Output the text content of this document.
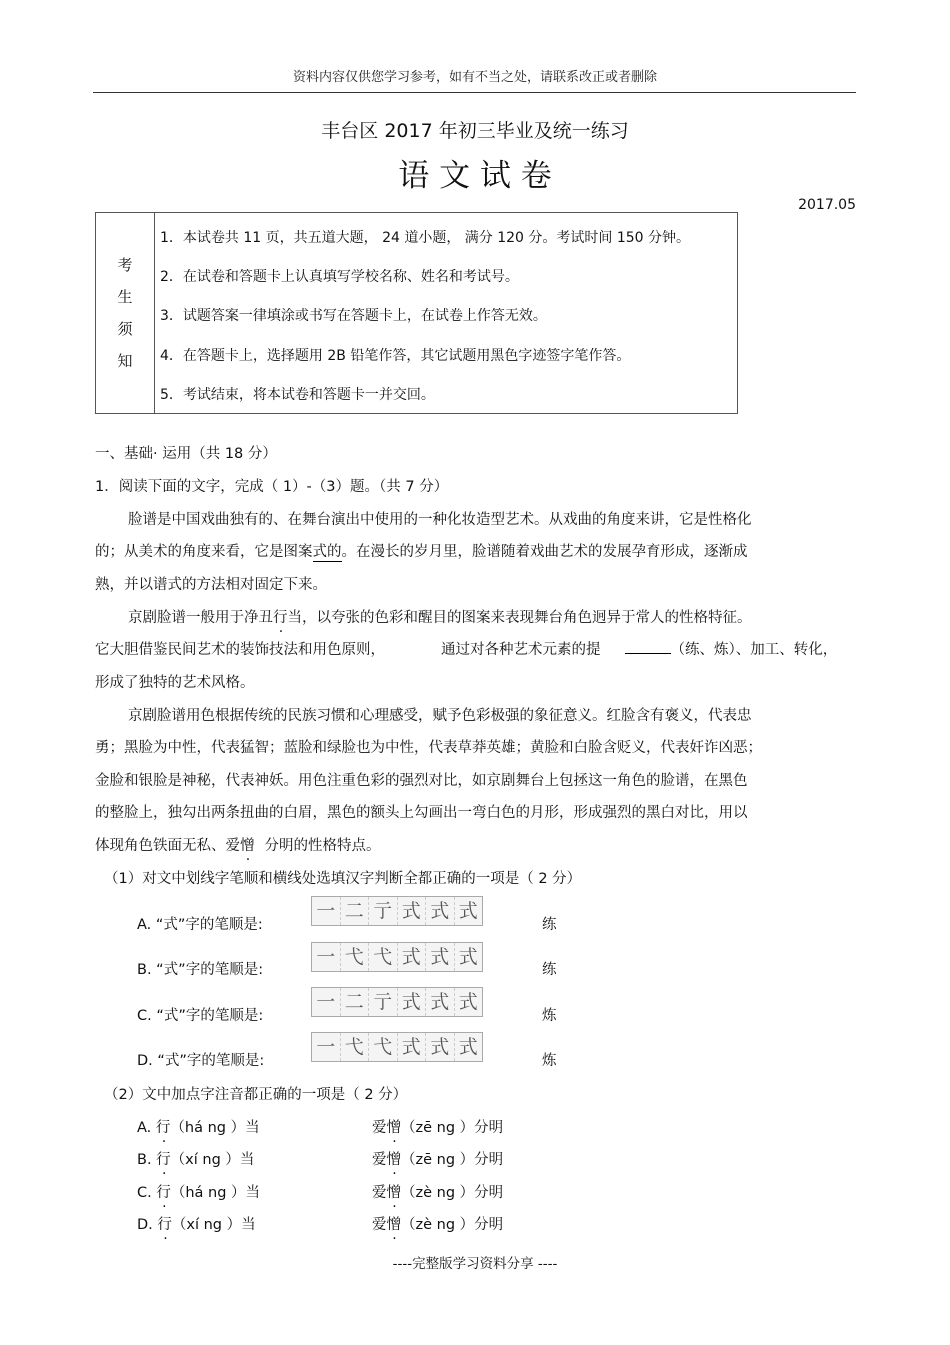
资料内容仅供您学习参考，如有不当之处，请联系改正或者删除
丰台区 2017 年初三毕业及统一练习
语 文 试 卷
2017.05
考
生
须
知
1．本试卷共 11 页，共五道大题， 24 道小题， 满分 120 分。考试时间 150 分钟。
2．在试卷和答题卡上认真填写学校名称、姓名和考试号。
3．试题答案一律填涂或书写在答题卡上，在试卷上作答无效。
4．在答题卡上，选择题用 2B 铅笔作答，其它试题用黑色字迹签字笔作答。
5．考试结束，将本试卷和答题卡一并交回。
一、基础· 运用（共 18 分）
1．阅读下面的文字，完成（ 1）-（3）题。（共 7 分）
脸谱是中国戏曲独有的、在舞台演出中使用的一种化妆造型艺术。从戏曲的角度来讲，它是性格化
的；从美术的角度来看，它是图案式的。在漫长的岁月里，脸谱随着戏曲艺术的发展孕育形成，逐渐成
熟，并以谱式的方法相对固定下来。
京剧脸谱一般用于净丑行当，以夸张的色彩和醒目的图案来表现舞台角色迥异于常人的性格特征。
它大胆借鉴民间艺术的装饰技法和用色原则，	通过对各种艺术元素的提	（练、炼）、加工、转化，
形成了独特的艺术风格。
京剧脸谱用色根据传统的民族习惯和心理感受，赋予色彩极强的象征意义。红脸含有褒义，代表忠
勇；黑脸为中性，代表猛智；蓝脸和绿脸也为中性，代表草莽英雄；黄脸和白脸含贬义，代表奸诈凶恶；
金脸和银脸是神秘，代表神妖。用色注重色彩的强烈对比，如京剧舞台上包拯这一角色的脸谱，在黑色
的整脸上，独勾出两条扭曲的白眉，黑色的额头上勾画出一弯白色的月形，形成强烈的黑白对比，用以
体现角色铁面无私、爱憎 分明的性格特点。
（1）对文中划线字笔顺和横线处选填汉字判断全都正确的一项是（ 2 分）
A. “式”字的笔顺是:
一 二 亍 式 式 式
练
B. “式”字的笔顺是:
一 弋 弋 式 式 式
练
C. “式”字的笔顺是:
一 二 亍 式 式 式
炼
D. “式”字的笔顺是:
一 弋 弋 式 式 式
炼
（2）文中加点字注音都正确的一项是（ 2 分）
A. 行（há ng ）当	爱憎（zē ng ）分明
B. 行（xí ng ）当	爱憎（zē ng ）分明
C. 行（há ng ）当	爱憎（zè ng ）分明
D. 行（xí ng ）当	爱憎（zè ng ）分明
----完整版学习资料分享 ----
